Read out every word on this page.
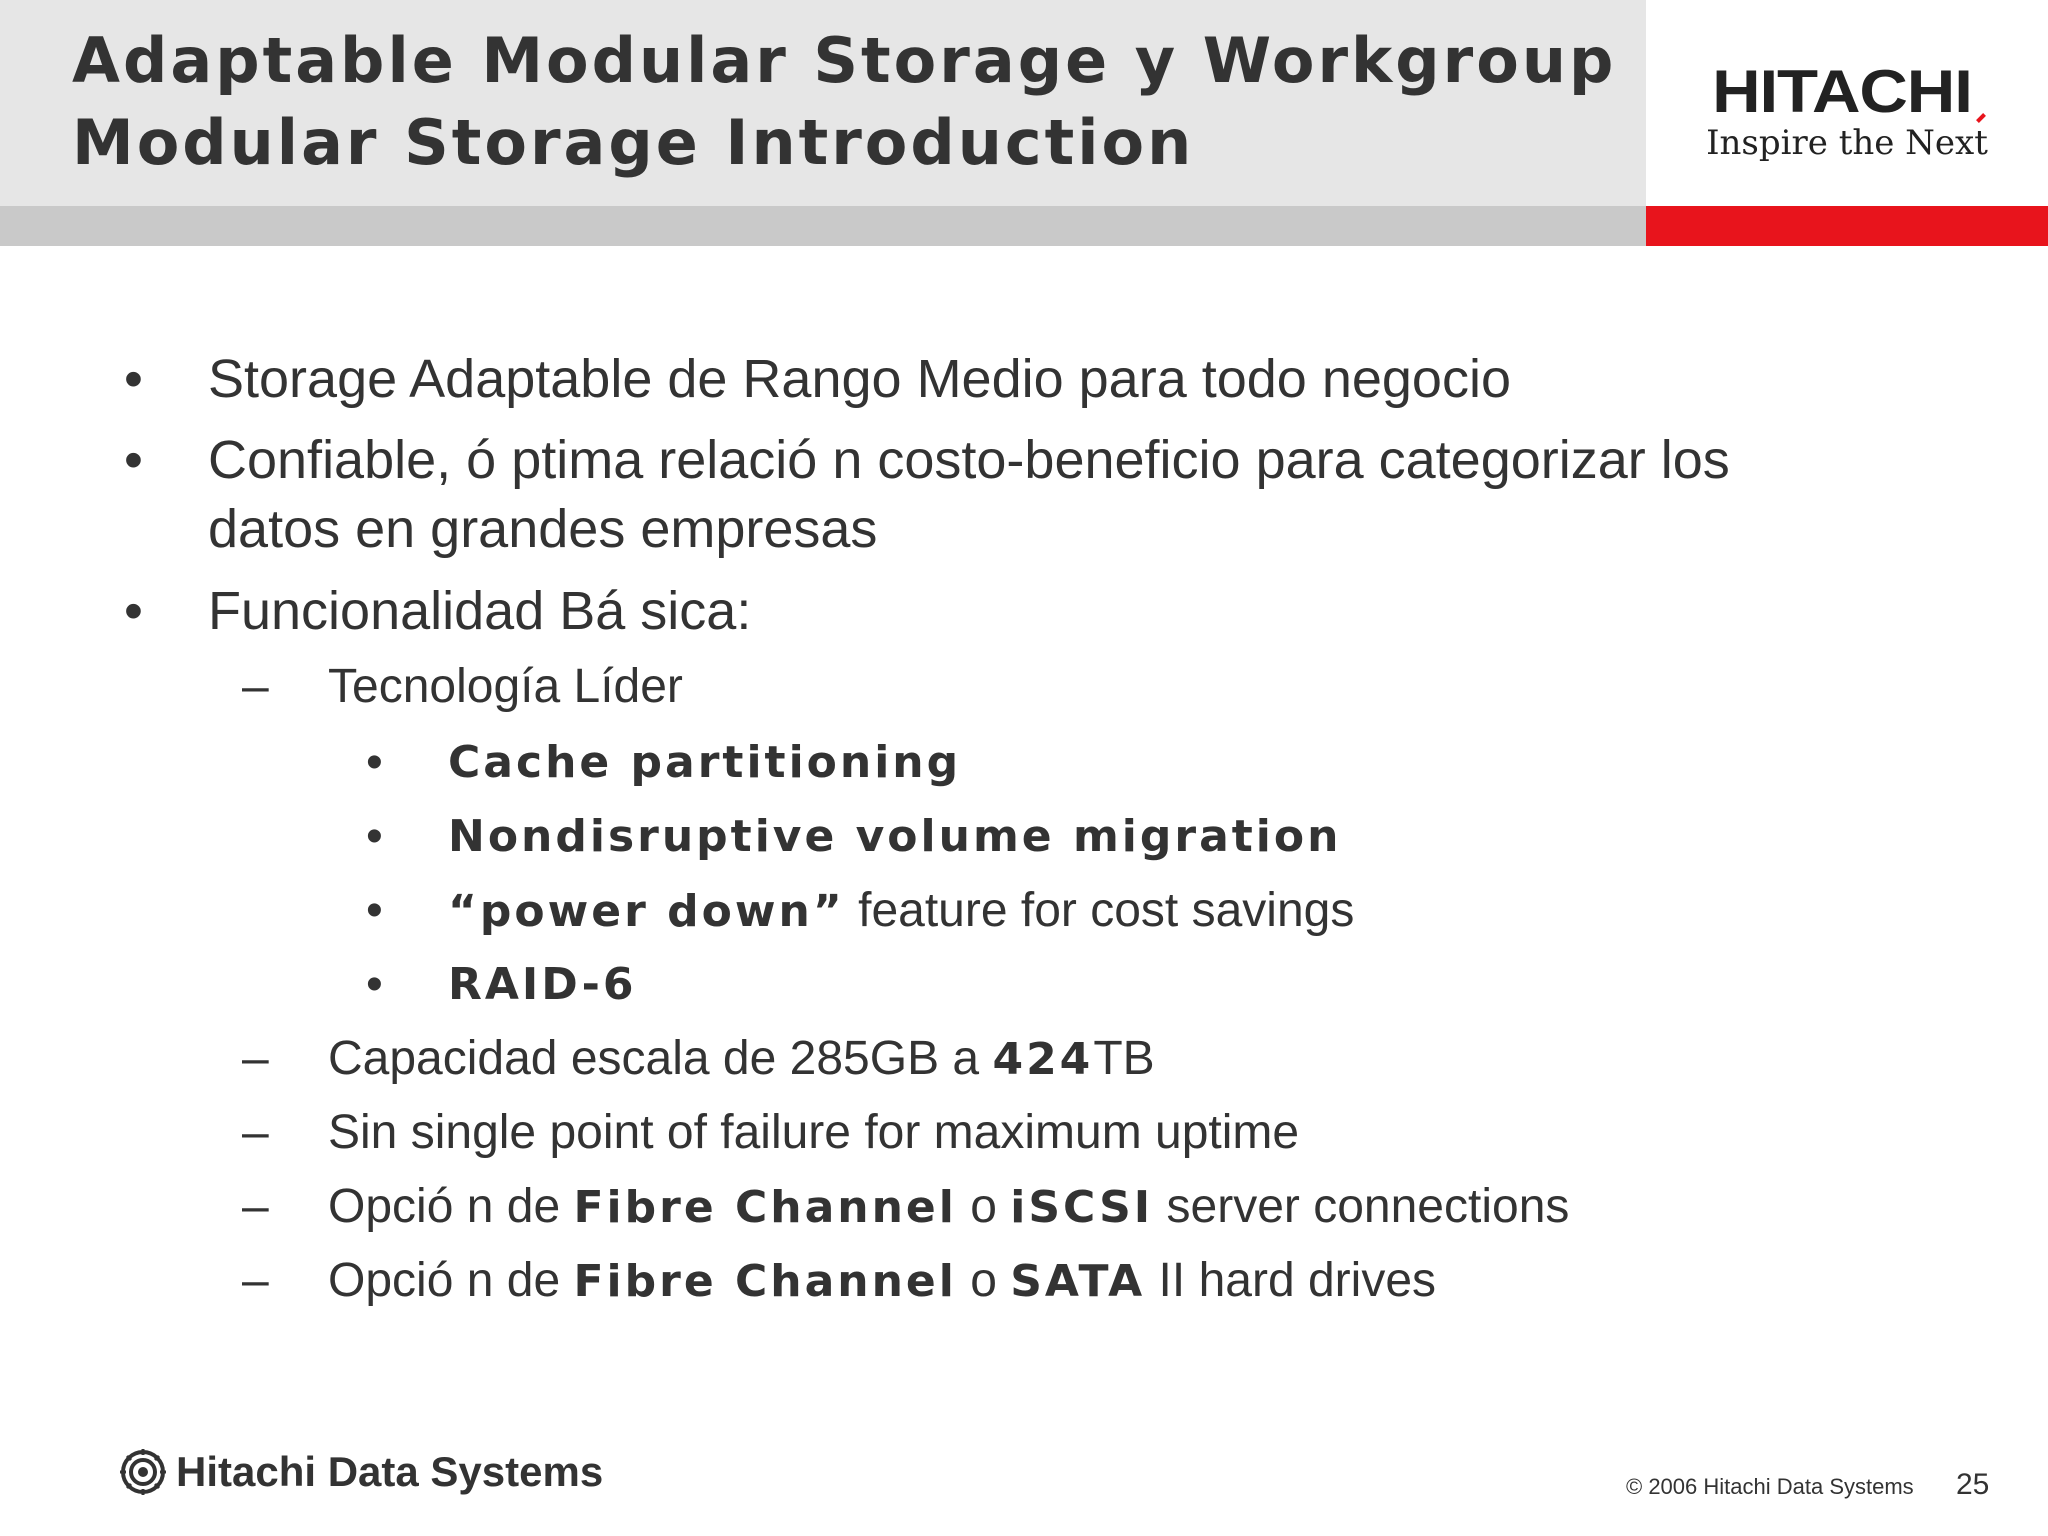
Adaptable Modular Storage y Workgroup
Modular Storage Introduction
HITACHI
Inspire the Next
• Storage Adaptable de Rango Medio para todo negocio
• Confiable, ó ptima relació n costo-beneficio para categorizar los
datos en grandes empresas
• Funcionalidad Bá sica:
– Tecnología Líder
• Cache partitioning
• Nondisruptive volume migration
• “power down” feature for cost savings
• RAID-6
– Capacidad escala de 285GB a 424TB
– Sin single point of failure for maximum uptime
– Opció n de Fibre Channel o iSCSI server connections
– Opció n de Fibre Channel o SATA II hard drives
Hitachi Data Systems	© 2006 Hitachi Data Systems 25
